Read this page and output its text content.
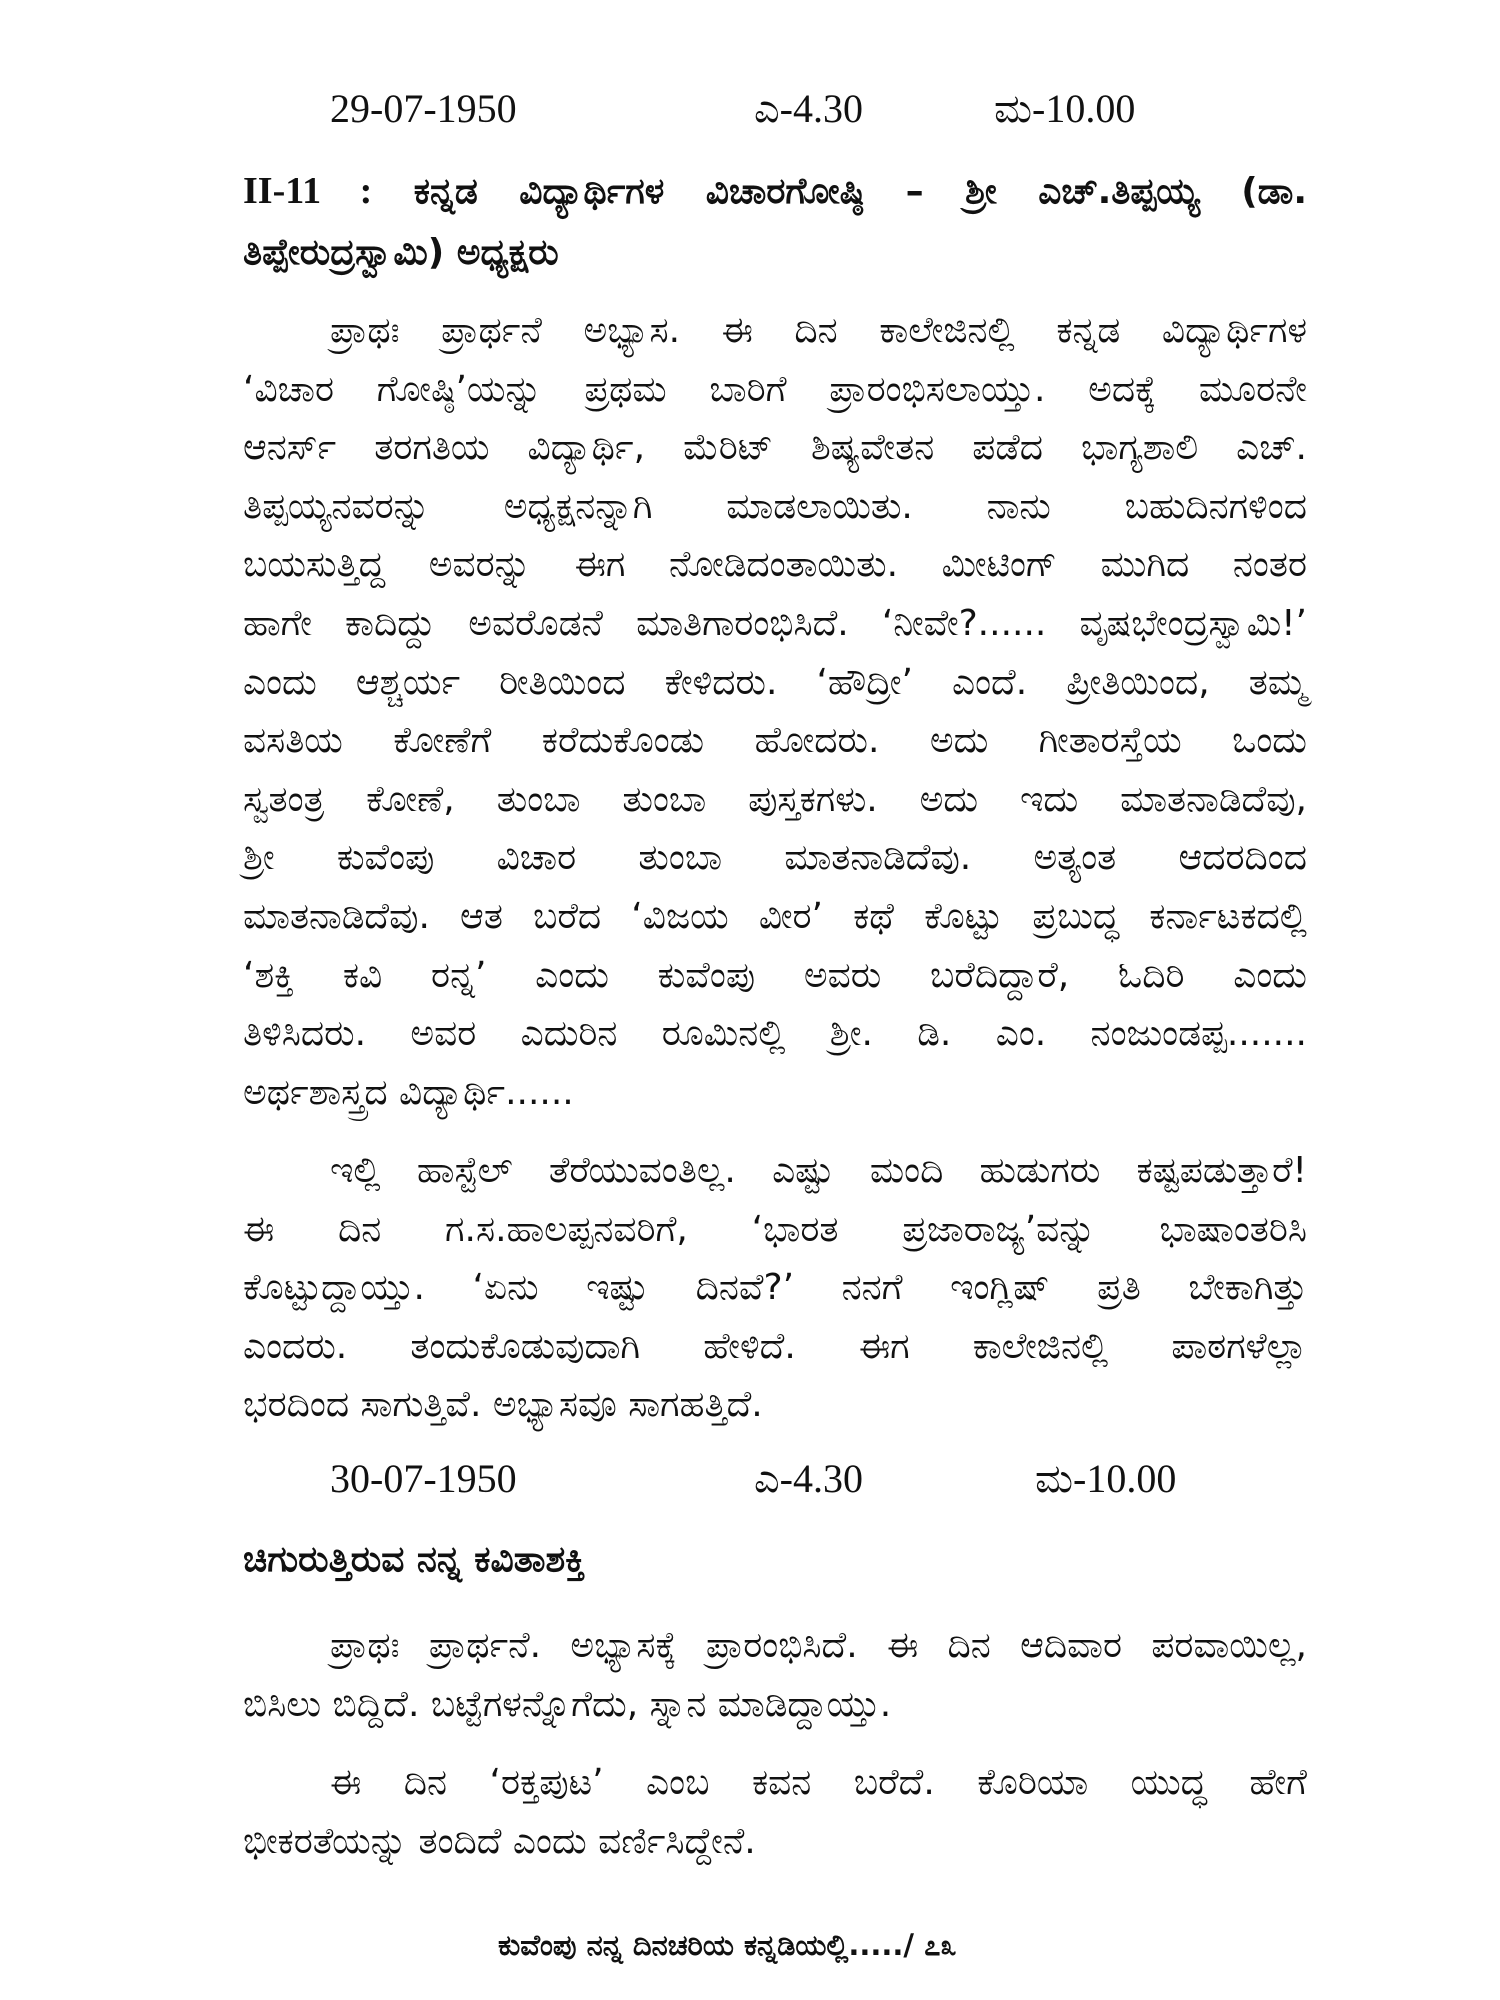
29-07-1950	ಎ-4.30	ಮ-10.00
II-11 : ಕನ್ನಡ ವಿದ್ಯಾರ್ಥಿಗಳ ವಿಚಾರಗೋಷ್ಠಿ – ಶ್ರೀ ಎಚ್.ತಿಪ್ಪಯ್ಯ (ಡಾ.
ತಿಪ್ಪೇರುದ್ರಸ್ವಾಮಿ) ಅಧ್ಯಕ್ಷರು
ಪ್ರಾಥಃ ಪ್ರಾರ್ಥನೆ ಅಭ್ಯಾಸ. ಈ ದಿನ ಕಾಲೇಜಿನಲ್ಲಿ ಕನ್ನಡ ವಿದ್ಯಾರ್ಥಿಗಳ
‘ವಿಚಾರ ಗೋಷ್ಠಿ’ಯನ್ನು ಪ್ರಥಮ ಬಾರಿಗೆ ಪ್ರಾರಂಭಿಸಲಾಯ್ತು. ಅದಕ್ಕೆ ಮೂರನೇ
ಆನರ್ಸ್ ತರಗತಿಯ ವಿದ್ಯಾರ್ಥಿ, ಮೆರಿಟ್ ಶಿಷ್ಯವೇತನ ಪಡೆದ ಭಾಗ್ಯಶಾಲಿ ಎಚ್.
ತಿಪ್ಪಯ್ಯನವರನ್ನು ಅಧ್ಯಕ್ಷನನ್ನಾಗಿ ಮಾಡಲಾಯಿತು. ನಾನು ಬಹುದಿನಗಳಿಂದ
ಬಯಸುತ್ತಿದ್ದ ಅವರನ್ನು ಈಗ ನೋಡಿದಂತಾಯಿತು. ಮೀಟಿಂಗ್ ಮುಗಿದ ನಂತರ
ಹಾಗೇ ಕಾದಿದ್ದು ಅವರೊಡನೆ ಮಾತಿಗಾರಂಭಿಸಿದೆ. ‘ನೀವೇ?...... ವೃಷಭೇಂದ್ರಸ್ವಾಮಿ!’
ಎಂದು ಆಶ್ಚರ್ಯ ರೀತಿಯಿಂದ ಕೇಳಿದರು. ‘ಹೌದ್ರೀ’ ಎಂದೆ. ಪ್ರೀತಿಯಿಂದ, ತಮ್ಮ
ವಸತಿಯ ಕೋಣೆಗೆ ಕರೆದುಕೊಂಡು ಹೋದರು. ಅದು ಗೀತಾರಸ್ತೆಯ ಒಂದು
ಸ್ವತಂತ್ರ ಕೋಣೆ, ತುಂಬಾ ತುಂಬಾ ಪುಸ್ತಕಗಳು. ಅದು ಇದು ಮಾತನಾಡಿದೆವು,
ಶ್ರೀ ಕುವೆಂಪು ವಿಚಾರ ತುಂಬಾ ಮಾತನಾಡಿದೆವು. ಅತ್ಯಂತ ಆದರದಿಂದ
ಮಾತನಾಡಿದೆವು. ಆತ ಬರೆದ ‘ವಿಜಯ ವೀರ’ ಕಥೆ ಕೊಟ್ಟು ಪ್ರಬುದ್ಧ ಕರ್ನಾಟಕದಲ್ಲಿ
‘ಶಕ್ತಿ ಕವಿ ರನ್ನ’ ಎಂದು ಕುವೆಂಪು ಅವರು ಬರೆದಿದ್ದಾರೆ, ಓದಿರಿ ಎಂದು
ತಿಳಿಸಿದರು. ಅವರ ಎದುರಿನ ರೂಮಿನಲ್ಲಿ ಶ್ರೀ. ಡಿ. ಎಂ. ನಂಜುಂಡಪ್ಪ.......
ಅರ್ಥಶಾಸ್ತ್ರದ ವಿದ್ಯಾರ್ಥಿ......
ಇಲ್ಲಿ ಹಾಸ್ಟೆಲ್ ತೆರೆಯುವಂತಿಲ್ಲ. ಎಷ್ಟು ಮಂದಿ ಹುಡುಗರು ಕಷ್ಟಪಡುತ್ತಾರೆ!
ಈ ದಿನ ಗ.ಸ.ಹಾಲಪ್ಪನವರಿಗೆ, ‘ಭಾರತ ಪ್ರಜಾರಾಜ್ಯ’ವನ್ನು ಭಾಷಾಂತರಿಸಿ
ಕೊಟ್ಟುದ್ದಾಯ್ತು. ‘ಏನು ಇಷ್ಟು ದಿನವೆ?’ ನನಗೆ ಇಂಗ್ಲಿಷ್ ಪ್ರತಿ ಬೇಕಾಗಿತ್ತು
ಎಂದರು. ತಂದುಕೊಡುವುದಾಗಿ ಹೇಳಿದೆ. ಈಗ ಕಾಲೇಜಿನಲ್ಲಿ ಪಾಠಗಳೆಲ್ಲಾ
ಭರದಿಂದ ಸಾಗುತ್ತಿವೆ. ಅಭ್ಯಾಸವೂ ಸಾಗಹತ್ತಿದೆ.
30-07-1950	ಎ-4.30	ಮ-10.00
ಚಿಗುರುತ್ತಿರುವ ನನ್ನ ಕವಿತಾಶಕ್ತಿ
ಪ್ರಾಥಃ ಪ್ರಾರ್ಥನೆ. ಅಭ್ಯಾಸಕ್ಕೆ ಪ್ರಾರಂಭಿಸಿದೆ. ಈ ದಿನ ಆದಿವಾರ ಪರವಾಯಿಲ್ಲ,
ಬಿಸಿಲು ಬಿದ್ದಿದೆ. ಬಟ್ಟೆಗಳನ್ನೊಗೆದು, ಸ್ನಾನ ಮಾಡಿದ್ದಾಯ್ತು.
ಈ ದಿನ ‘ರಕ್ತಪುಟ’ ಎಂಬ ಕವನ ಬರೆದೆ. ಕೊರಿಯಾ ಯುದ್ಧ ಹೇಗೆ
ಭೀಕರತೆಯನ್ನು ತಂದಿದೆ ಎಂದು ವರ್ಣಿಸಿದ್ದೇನೆ.
ಕುವೆಂಪು ನನ್ನ ದಿನಚರಿಯ ಕನ್ನಡಿಯಲ್ಲಿ...../ ೭೩
